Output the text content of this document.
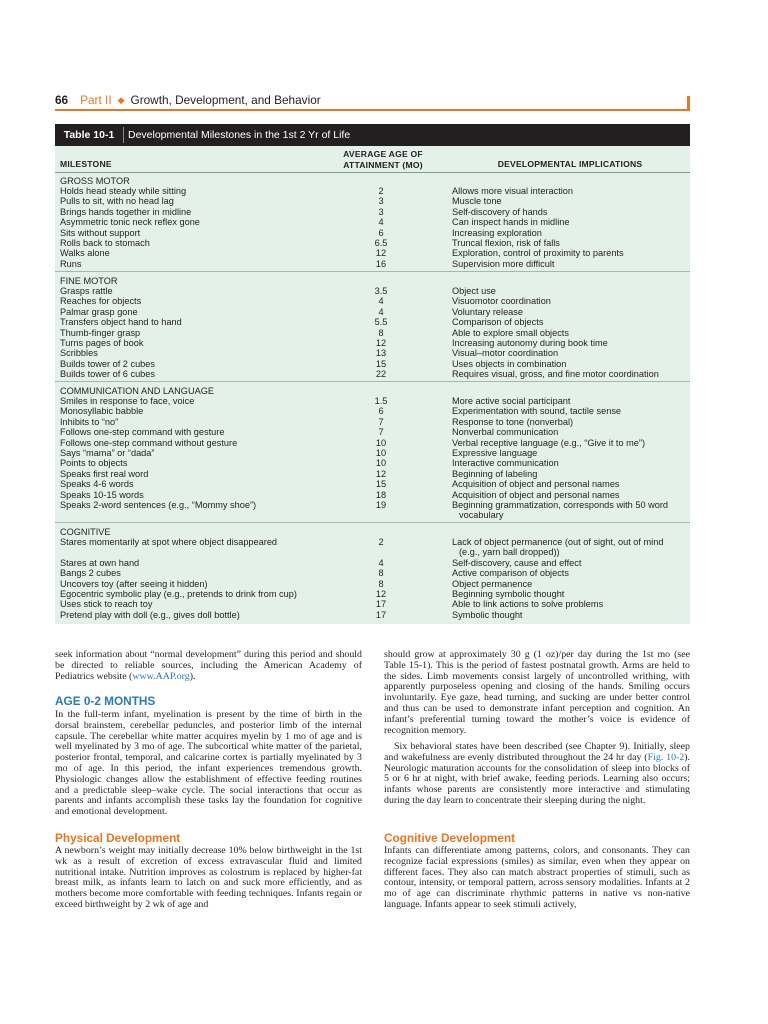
66 Part II ◆ Growth, Development, and Behavior
Table 10-1	Developmental Milestones in the 1st 2 Yr of Life
MILESTONE
AVERAGE AGE OF
ATTAINMENT (MO)	DEVELOPMENTAL IMPLICATIONS
GROSS MOTOR
Holds head steady while sitting	2	Allows more visual interaction
Pulls to sit, with no head lag	3	Muscle tone
Brings hands together in midline	3	Self-discovery of hands
Asymmetric tonic neck reflex gone	4	Can inspect hands in midline
Sits without support	6	Increasing exploration
Rolls back to stomach	6.5	Truncal flexion, risk of falls
Walks alone	12	Exploration, control of proximity to parents
Runs	16	Supervision more difficult
FINE MOTOR
Grasps rattle	3.5	Object use
Reaches for objects	4	Visuomotor coordination
Palmar grasp gone	4	Voluntary release
Transfers object hand to hand	5.5	Comparison of objects
Thumb-finger grasp	8	Able to explore small objects
Turns pages of book	12	Increasing autonomy during book time
Scribbles	13	Visual–motor coordination
Builds tower of 2 cubes	15	Uses objects in combination
Builds tower of 6 cubes	22	Requires visual, gross, and fine motor coordination
COMMUNICATION AND LANGUAGE
Smiles in response to face, voice	1.5	More active social participant
Monosyllabic babble	6	Experimentation with sound, tactile sense
Inhibits to “no”	7	Response to tone (nonverbal)
Follows one-step command with gesture	7	Nonverbal communication
Follows one-step command without gesture	10	Verbal receptive language (e.g., “Give it to me”)
Says “mama” or “dada”	10	Expressive language
Points to objects	10	Interactive communication
Speaks first real word	12	Beginning of labeling
Speaks 4-6 words	15	Acquisition of object and personal names
Speaks 10-15 words	18	Acquisition of object and personal names
Speaks 2-word sentences (e.g., “Mommy shoe”)	19	Beginning grammatization, corresponds with 50 word
vocabulary
COGNITIVE
Stares momentarily at spot where object disappeared	2	Lack of object permanence (out of sight, out of mind
(e.g., yarn ball dropped))
Stares at own hand	4	Self-discovery, cause and effect
Bangs 2 cubes	8	Active comparison of objects
Uncovers toy (after seeing it hidden)	8	Object permanence
Egocentric symbolic play (e.g., pretends to drink from cup)	12	Beginning symbolic thought
Uses stick to reach toy	17	Able to link actions to solve problems
Pretend play with doll (e.g., gives doll bottle)	17	Symbolic thought
seek information about “normal development” during this period and should be directed to reliable sources, including the American Academy of Pediatrics website (www.AAP.org).
AGE 0-2 MONTHS
In the full-term infant, myelination is present by the time of birth in the dorsal brainstem, cerebellar peduncles, and posterior limb of the internal capsule. The cerebellar white matter acquires myelin by 1 mo of age and is well myelinated by 3 mo of age. The subcortical white matter of the parietal, posterior frontal, temporal, and calcarine cortex is partially myelinated by 3 mo of age. In this period, the infant experiences tremendous growth. Physiologic changes allow the establishment of effective feeding routines and a predictable sleep–wake cycle. The social interactions that occur as parents and infants accomplish these tasks lay the foundation for cognitive and emotional development.
Physical Development
A newborn’s weight may initially decrease 10% below birthweight in the 1st wk as a result of excretion of excess extravascular fluid and limited nutritional intake. Nutrition improves as colostrum is replaced by higher-fat breast milk, as infants learn to latch on and suck more efficiently, and as mothers become more comfortable with feeding techniques. Infants regain or exceed birthweight by 2 wk of age and
should grow at approximately 30 g (1 oz)/per day during the 1st mo (see Table 15-1). This is the period of fastest postnatal growth. Arms are held to the sides. Limb movements consist largely of uncontrolled writhing, with apparently purposeless opening and closing of the hands. Smiling occurs involuntarily. Eye gaze, head turning, and sucking are under better control and thus can be used to demonstrate infant perception and cognition. An infant’s preferential turning toward the mother’s voice is evidence of recognition memory.
Six behavioral states have been described (see Chapter 9). Initially, sleep and wakefulness are evenly distributed throughout the 24 hr day (Fig. 10-2). Neurologic maturation accounts for the consolidation of sleep into blocks of 5 or 6 hr at night, with brief awake, feeding periods. Learning also occurs; infants whose parents are consistently more interactive and stimulating during the day learn to concentrate their sleeping during the night.
Cognitive Development
Infants can differentiate among patterns, colors, and consonants. They can recognize facial expressions (smiles) as similar, even when they appear on different faces. They also can match abstract properties of stimuli, such as contour, intensity, or temporal pattern, across sensory modalities. Infants at 2 mo of age can discriminate rhythmic patterns in native vs non-native language. Infants appear to seek stimuli actively,
